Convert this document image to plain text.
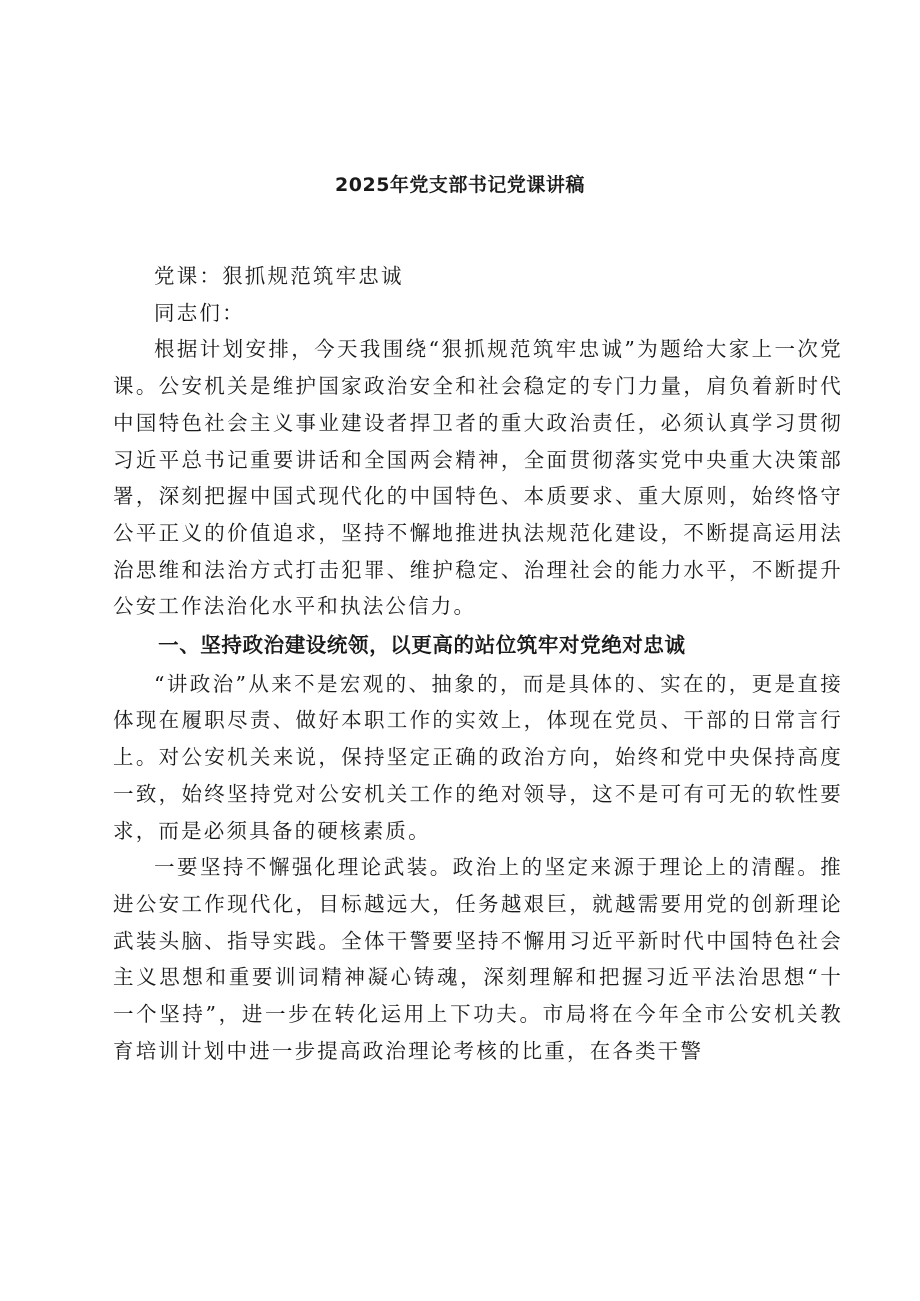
2025年党支部书记党课讲稿

党课：狠抓规范筑牢忠诚

同志们：

根据计划安排，今天我围绕“狠抓规范筑牢忠诚”为题给大家上一次党课。公安机关是维护国家政治安全和社会稳定的专门力量，肩负着新时代中国特色社会主义事业建设者捍卫者的重大政治责任，必须认真学习贯彻习近平总书记重要讲话和全国两会精神，全面贯彻落实党中央重大决策部署，深刻把握中国式现代化的中国特色、本质要求、重大原则，始终恪守公平正义的价值追求，坚持不懈地推进执法规范化建设，不断提高运用法治思维和法治方式打击犯罪、维护稳定、治理社会的能力水平，不断提升公安工作法治化水平和执法公信力。

一、坚持政治建设统领，以更高的站位筑牢对党绝对忠诚

“讲政治”从来不是宏观的、抽象的，而是具体的、实在的，更是直接体现在履职尽责、做好本职工作的实效上，体现在党员、干部的日常言行上。对公安机关来说，保持坚定正确的政治方向，始终和党中央保持高度一致，始终坚持党对公安机关工作的绝对领导，这不是可有可无的软性要求，而是必须具备的硬核素质。

一要坚持不懈强化理论武装。政治上的坚定来源于理论上的清醒。推进公安工作现代化，目标越远大，任务越艰巨，就越需要用党的创新理论武装头脑、指导实践。全体干警要坚持不懈用习近平新时代中国特色社会主义思想和重要训词精神凝心铸魂，深刻理解和把握习近平法治思想“十一个坚持”，进一步在转化运用上下功夫。市局将在今年全市公安机关教育培训计划中进一步提高政治理论考核的比重，在各类干警
